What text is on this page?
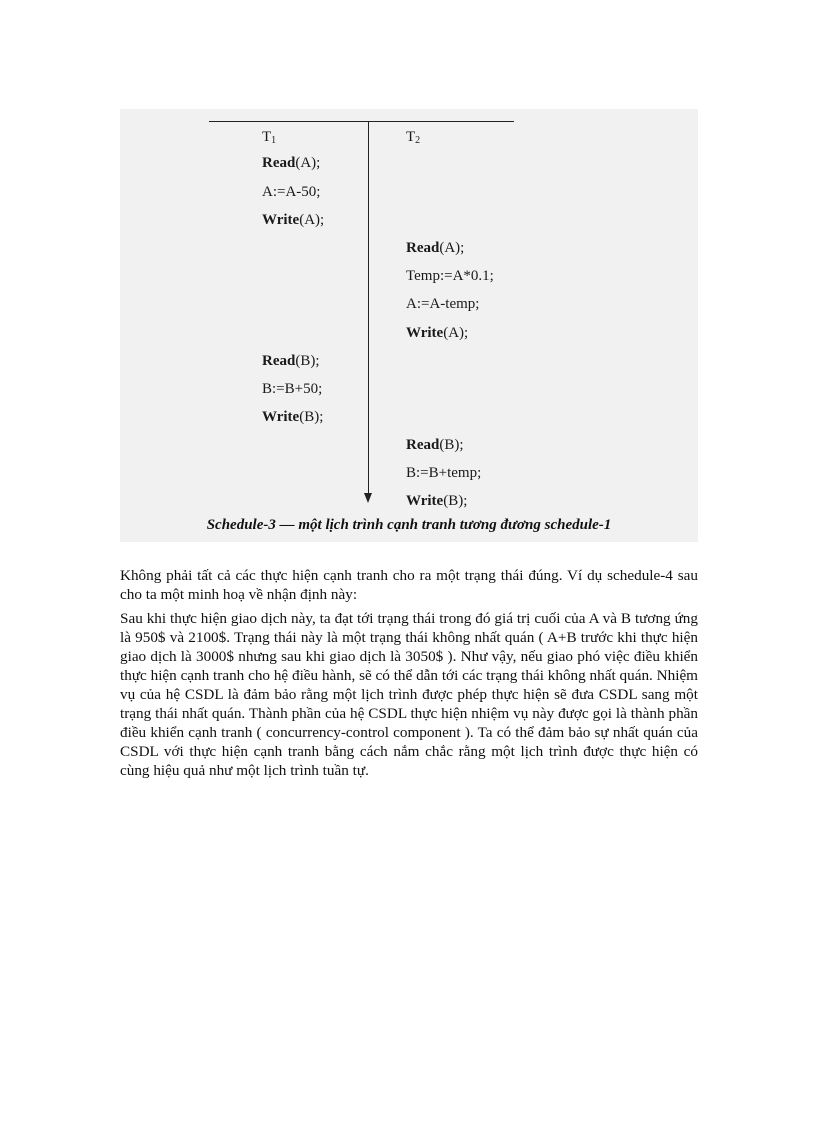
$T_1$	$T_2$
Read(A);
A:=A-50;
Write(A);
Read(A);
Temp:=A*0.1;
A:=A-temp;
Write(A);
Read(B);
B:=B+50;
Write(B);
Read(B);
B:=B+temp;
Write(B);
Schedule-3 — một lịch trình cạnh tranh tương đương schedule-1
Không phải tất cả các thực hiện cạnh tranh cho ra một trạng thái đúng. Ví dụ schedule-4 sau cho ta một minh hoạ về nhận định này:
Sau khi thực hiện giao dịch này, ta đạt tới trạng thái trong đó giá trị cuối của A và B tương ứng là 950$ và 2100$. Trạng thái này là một trạng thái không nhất quán ( A+B trước khi thực hiện giao dịch là 3000$ nhưng sau khi giao dịch là 3050$ ). Như vậy, nếu giao phó việc điều khiển thực hiện cạnh tranh cho hệ điều hành, sẽ có thể dẫn tới các trạng thái không nhất quán. Nhiệm vụ của hệ CSDL là đảm bảo rằng một lịch trình được phép thực hiện sẽ đưa CSDL sang một trạng thái nhất quán. Thành phần của hệ CSDL thực hiện nhiệm vụ này được gọi là thành phần điều khiển cạnh tranh ( concurrency-control component ). Ta có thể đảm bảo sự nhất quán của CSDL với thực hiện cạnh tranh bằng cách nắm chắc rằng một lịch trình được thực hiện có cùng hiệu quả như một lịch trình tuần tự.
